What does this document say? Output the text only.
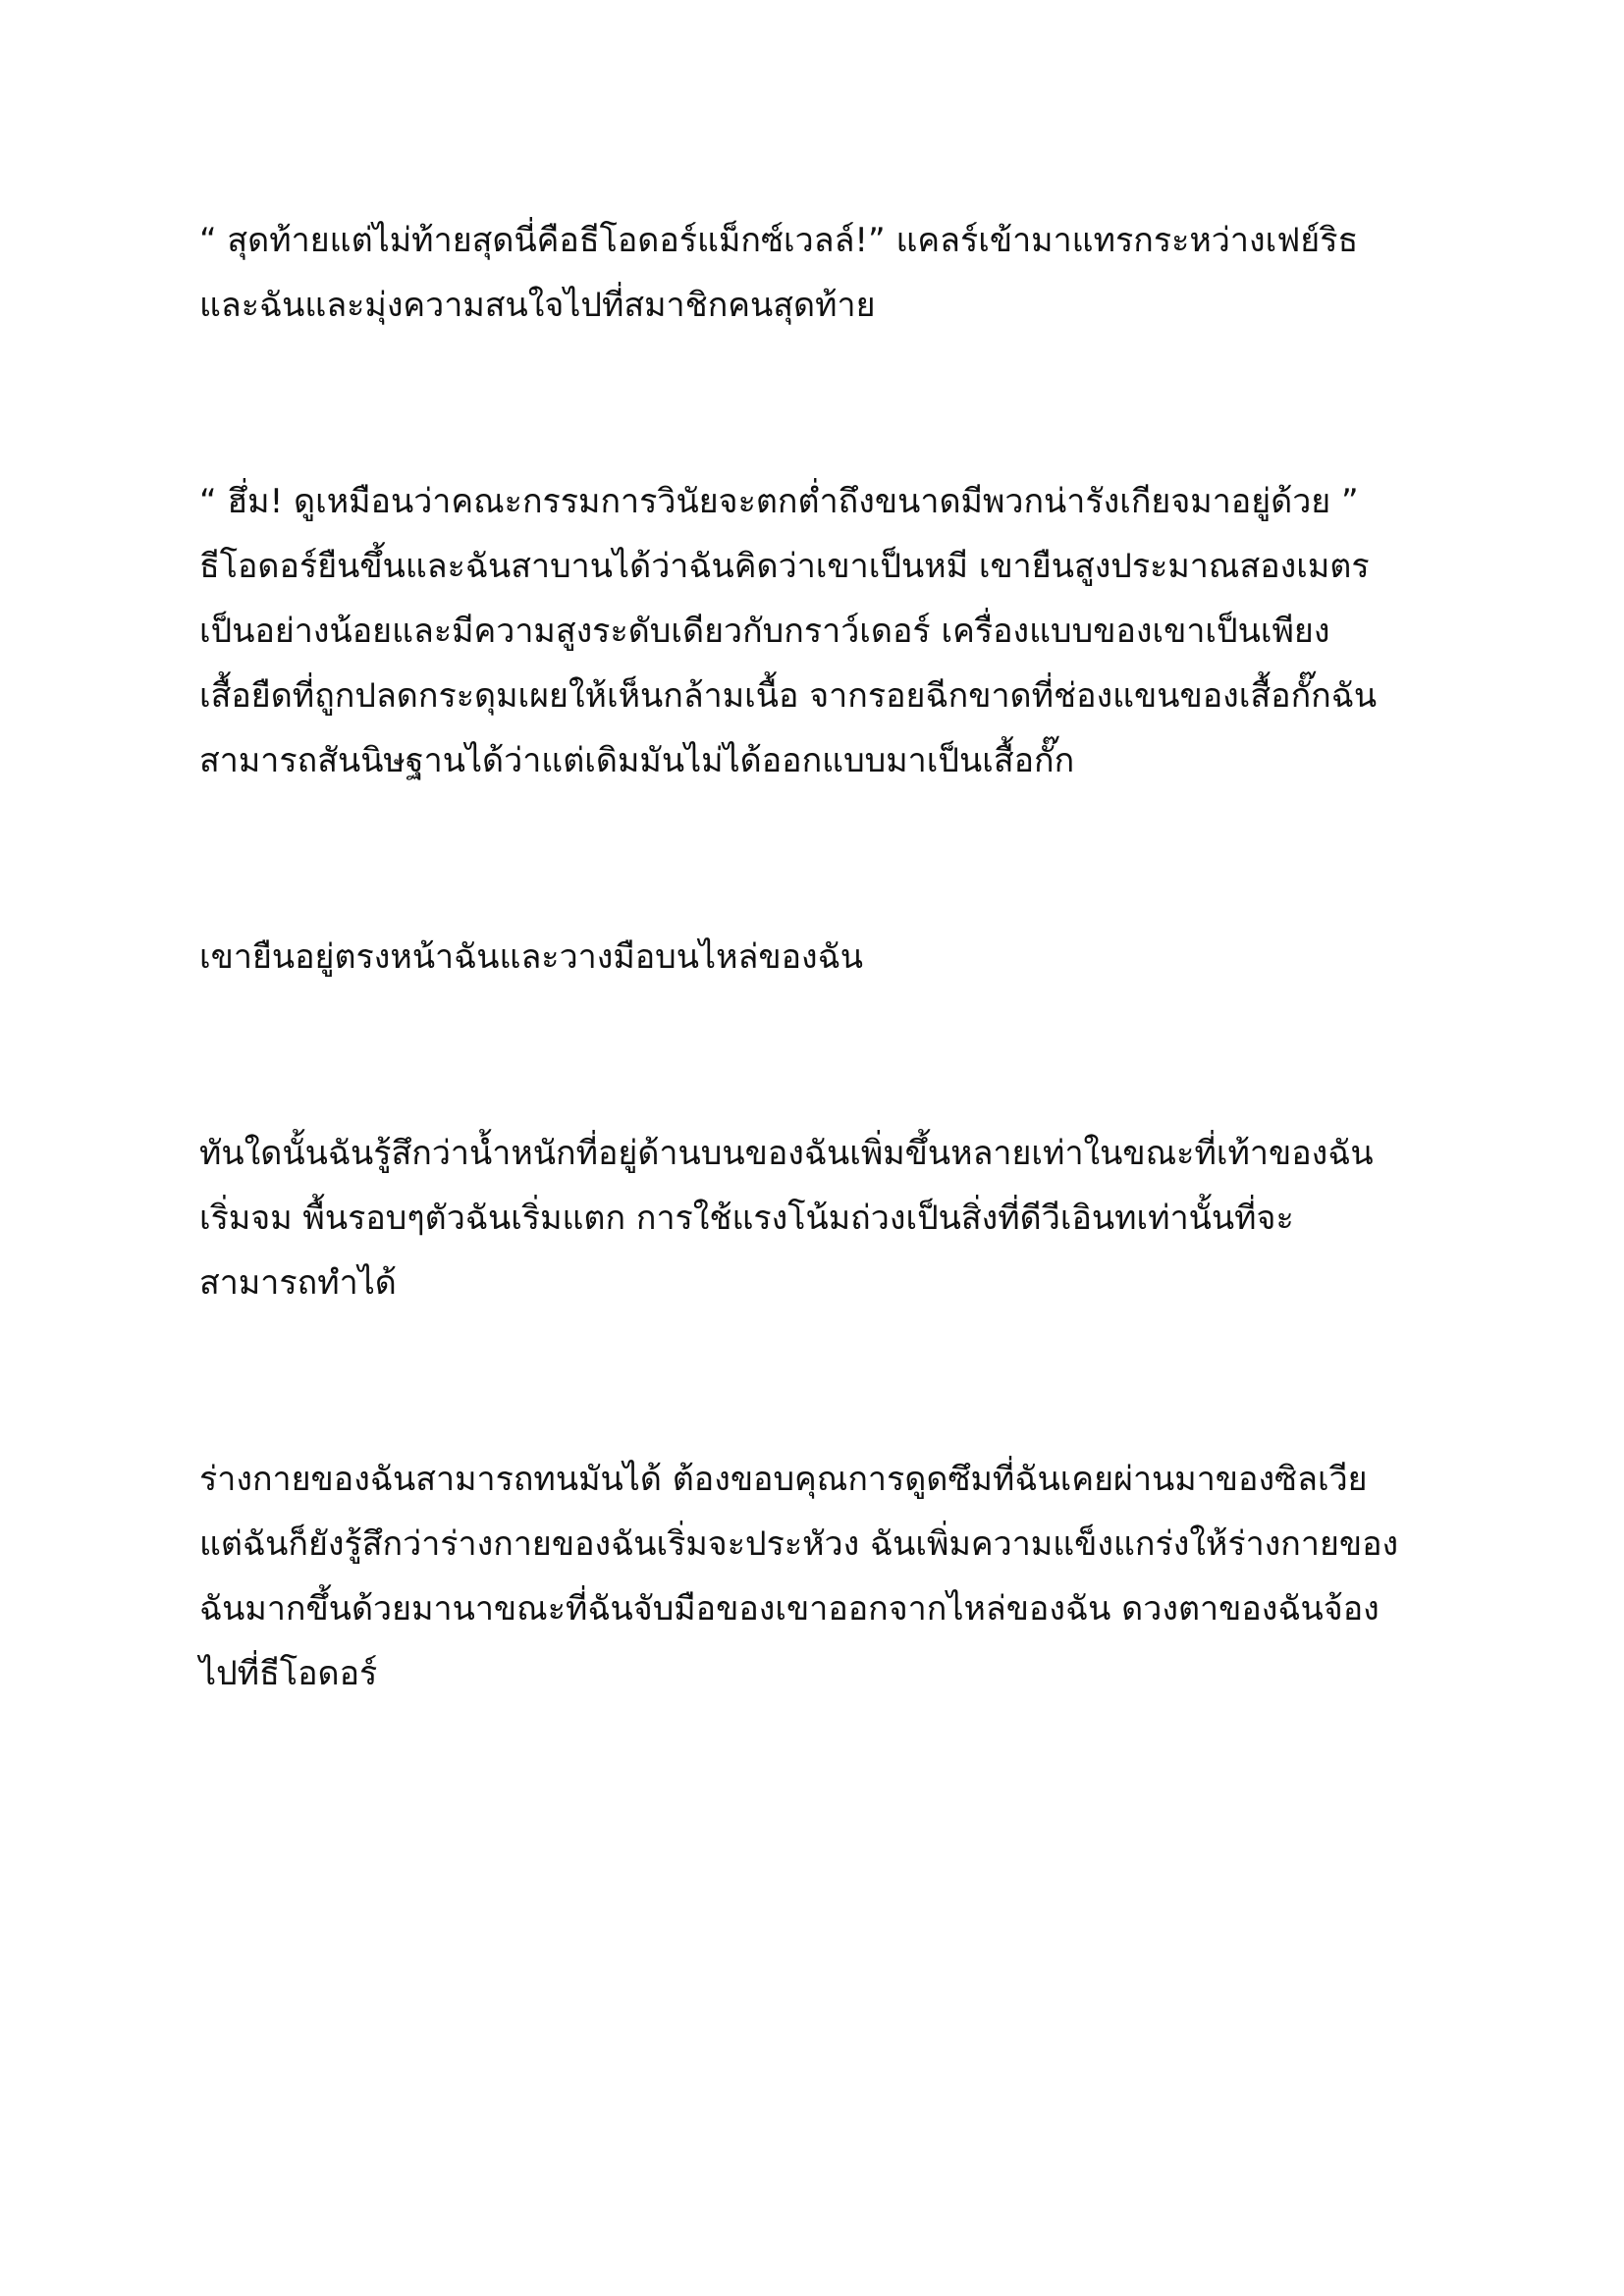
“ สุดท้ายแต่ไม่ท้ายสุดนี่คือธีโอดอร์แม็กซ์เวลล์!” แคลร์เข้ามาแทรกระหว่างเฟย์ริธ
และฉันและมุ่งความสนใจไปที่สมาชิกคนสุดท้าย

“ ฮึ่ม! ดูเหมือนว่าคณะกรรมการวินัยจะตกต่ำถึงขนาดมีพวกน่ารังเกียจมาอยู่ด้วย ”
ธีโอดอร์ยืนขึ้นและฉันสาบานได้ว่าฉันคิดว่าเขาเป็นหมี เขายืนสูงประมาณสองเมตร
เป็นอย่างน้อยและมีความสูงระดับเดียวกับกราว์เดอร์ เครื่องแบบของเขาเป็นเพียง
เสื้อยืดที่ถูกปลดกระดุมเผยให้เห็นกล้ามเนื้อ จากรอยฉีกขาดที่ช่องแขนของเสื้อกั๊กฉัน
สามารถสันนิษฐานได้ว่าแต่เดิมมันไม่ได้ออกแบบมาเป็นเสื้อกั๊ก

เขายืนอยู่ตรงหน้าฉันและวางมือบนไหล่ของฉัน

ทันใดนั้นฉันรู้สึกว่าน้ำหนักที่อยู่ด้านบนของฉันเพิ่มขึ้นหลายเท่าในขณะที่เท้าของฉัน
เริ่มจม พื้นรอบๆตัวฉันเริ่มแตก การใช้แรงโน้มถ่วงเป็นสิ่งที่ดีวีเอินทเท่านั้นที่จะ
สามารถทำได้

ร่างกายของฉันสามารถทนมันได้ ต้องขอบคุณการดูดซึมที่ฉันเคยผ่านมาของซิลเวีย
แต่ฉันก็ยังรู้สึกว่าร่างกายของฉันเริ่มจะประหัวง ฉันเพิ่มความแข็งแกร่งให้ร่างกายของ
ฉันมากขึ้นด้วยมานาขณะที่ฉันจับมือของเขาออกจากไหล่ของฉัน ดวงตาของฉันจ้อง
ไปที่ธีโอดอร์
